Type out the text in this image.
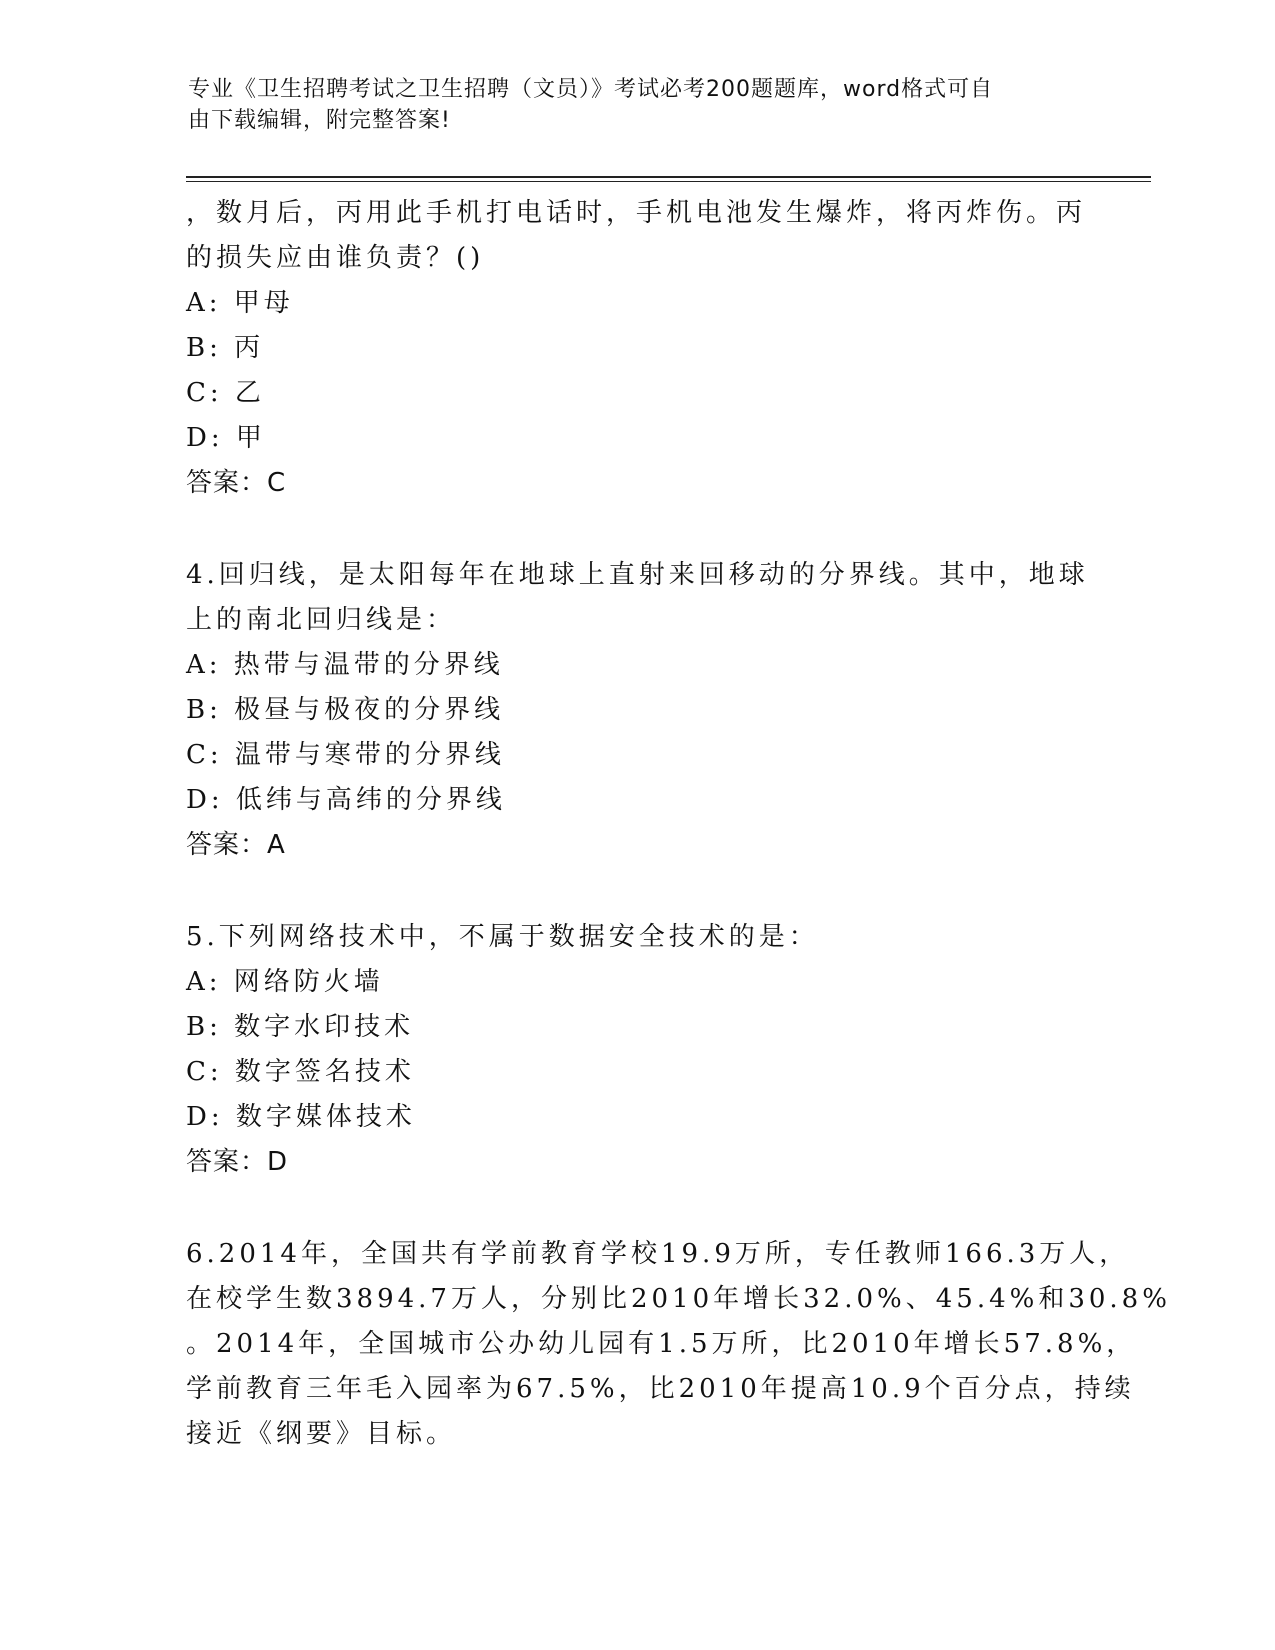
专业《卫生招聘考试之卫生招聘（文员）》考试必考200题题库，word格式可自
由下载编辑，附完整答案!
，数月后，丙用此手机打电话时，手机电池发生爆炸，将丙炸伤。丙
的损失应由谁负责？()
A: 甲母
B: 丙
C: 乙
D: 甲
答案：C
4.回归线，是太阳每年在地球上直射来回移动的分界线。其中，地球
上的南北回归线是：
A: 热带与温带的分界线
B: 极昼与极夜的分界线
C: 温带与寒带的分界线
D: 低纬与高纬的分界线
答案：A
5.下列网络技术中，不属于数据安全技术的是：
A: 网络防火墙
B: 数字水印技术
C: 数字签名技术
D: 数字媒体技术
答案：D
6.2014年，全国共有学前教育学校19.9万所，专任教师166.3万人，
在校学生数3894.7万人，分别比2010年增长32.0%、45.4%和30.8%
。2014年，全国城市公办幼儿园有1.5万所，比2010年增长57.8%，
学前教育三年毛入园率为67.5%，比2010年提高10.9个百分点，持续
接近《纲要》目标。
